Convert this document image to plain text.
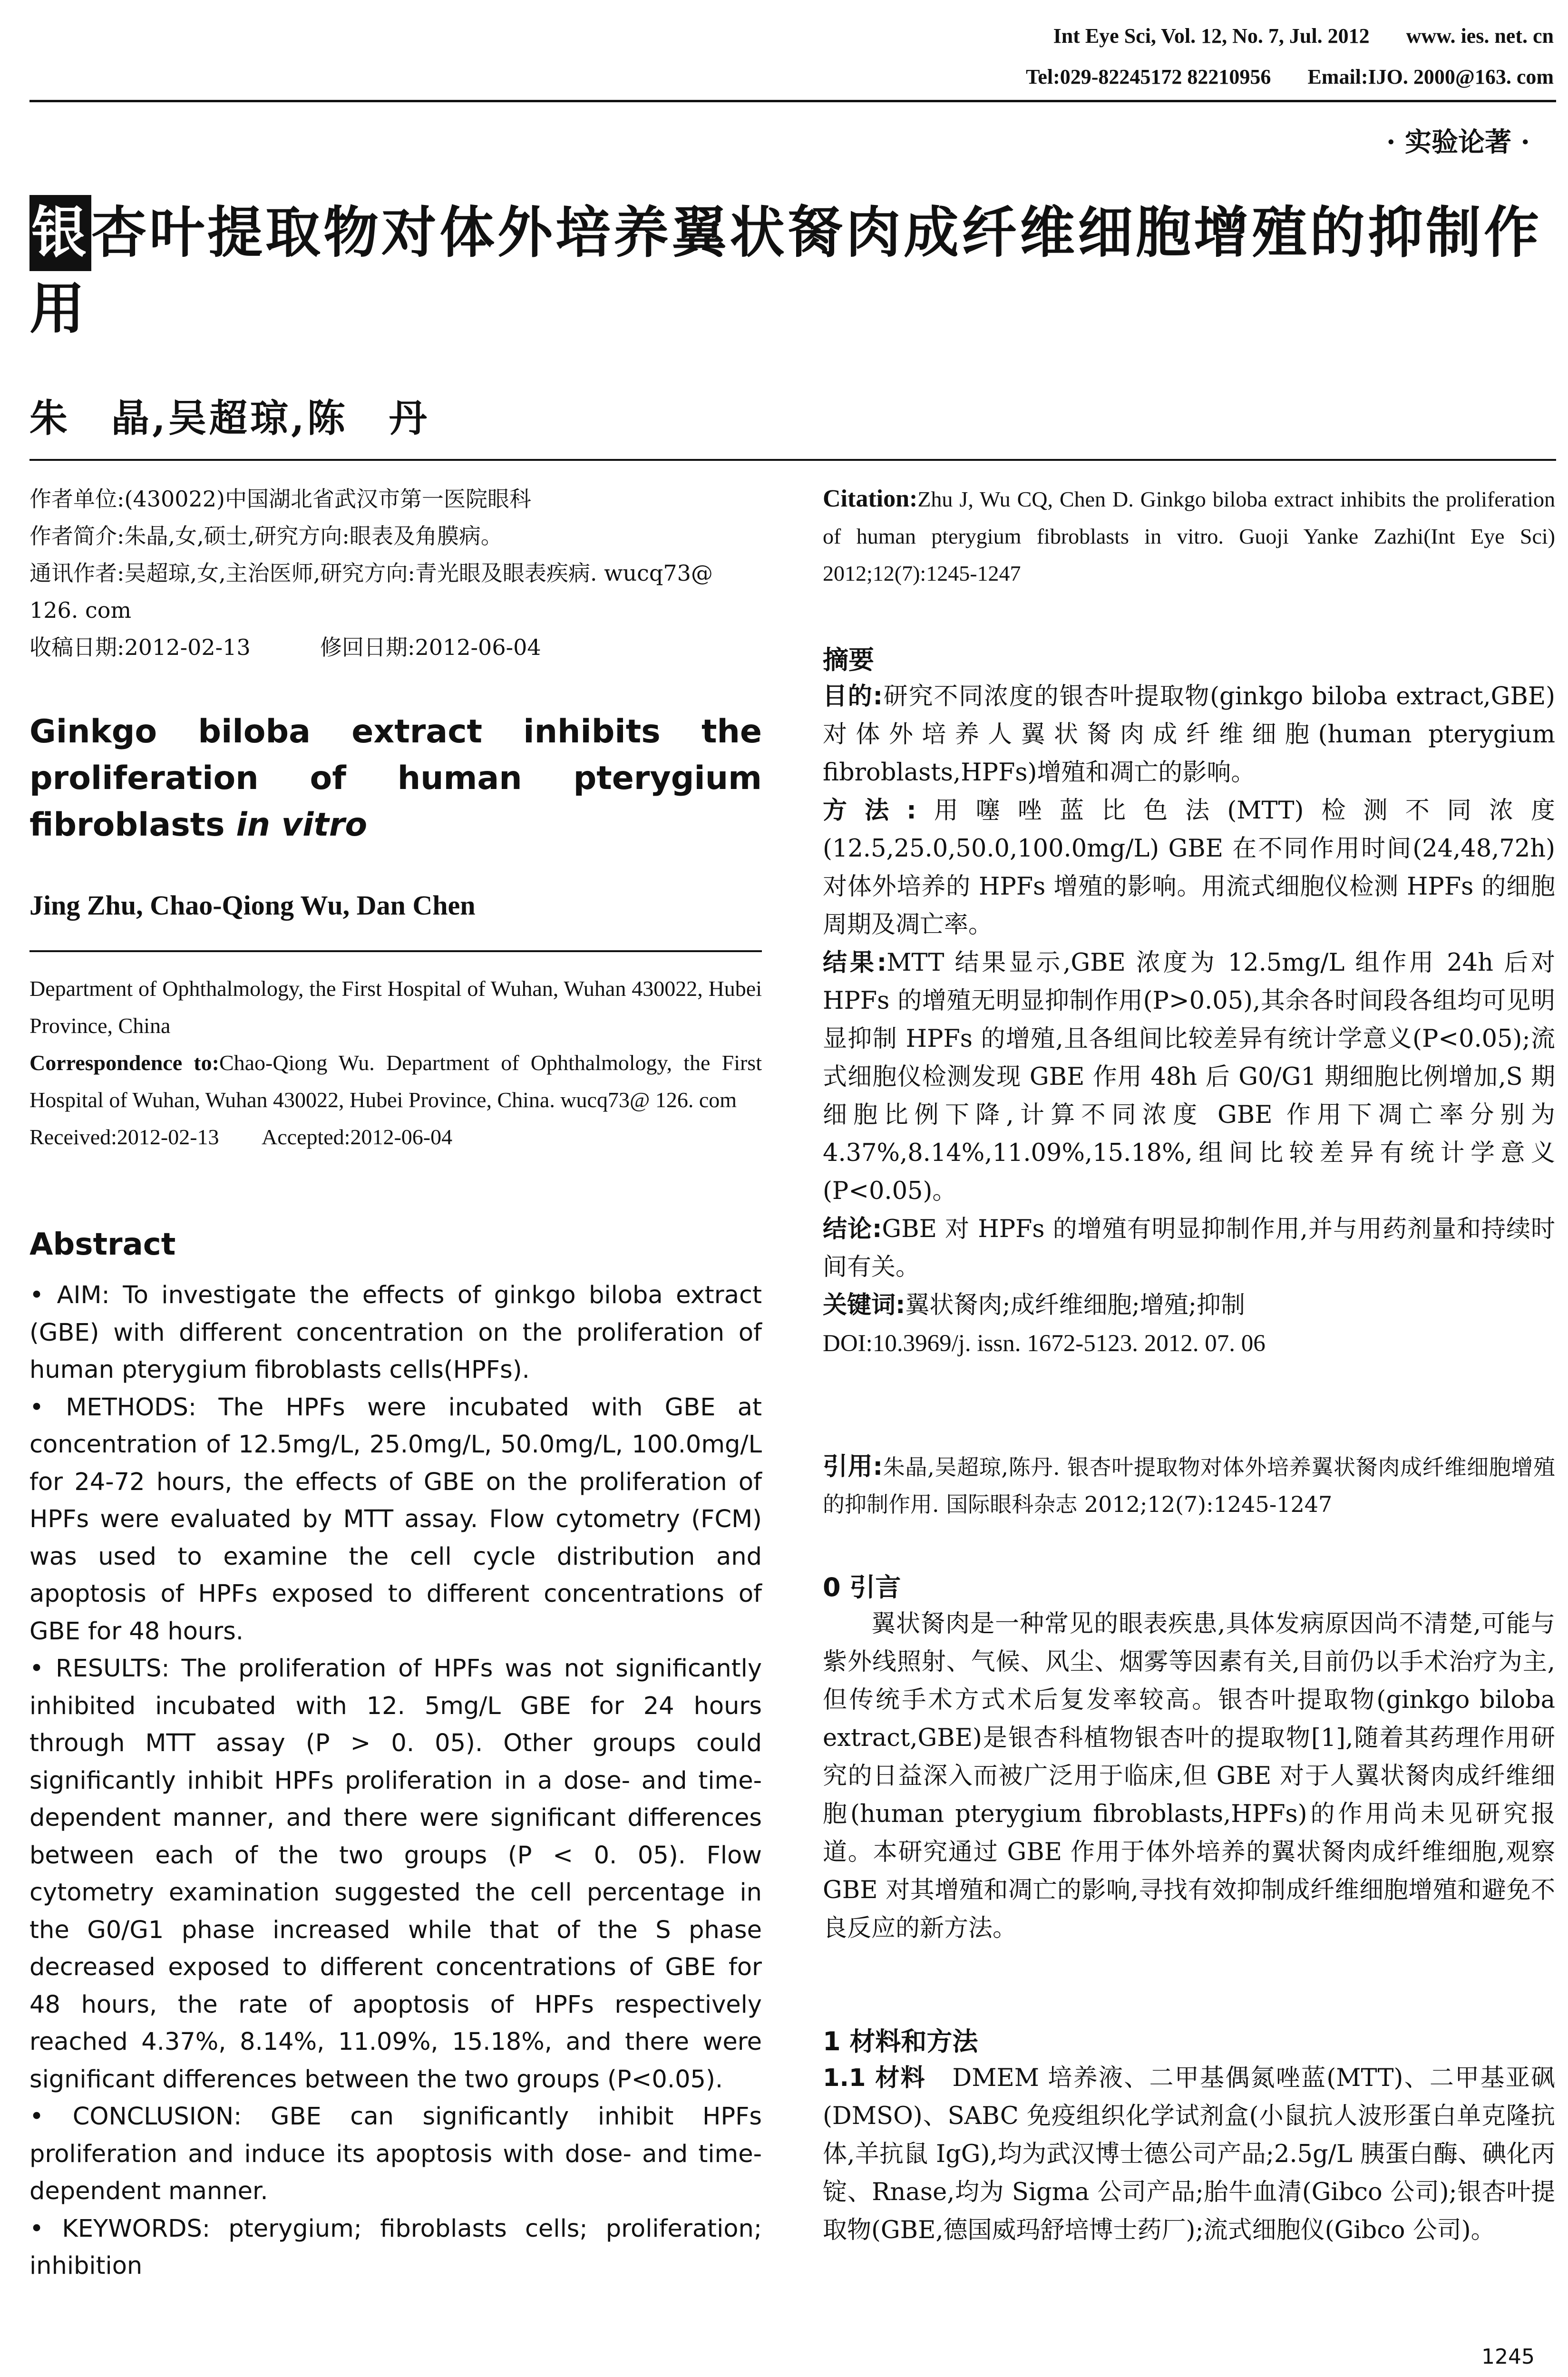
Int Eye Sci, Vol. 12, No. 7, Jul. 2012 www. ies. net. cn
Tel:029-82245172 82210956 Email:IJO. 2000@163. com
· 实验论著 ·
银杏叶提取物对体外培养翼状胬肉成纤维细胞增殖的抑制作用
朱　晶,吴超琼,陈　丹
作者单位:(430022)中国湖北省武汉市第一医院眼科
作者简介:朱晶,女,硕士,研究方向:眼表及角膜病。
通讯作者:吴超琼,女,主治医师,研究方向:青光眼及眼表疾病. wucq73@ 126. com
收稿日期:2012-02-13	修回日期:2012-06-04
Ginkgo biloba extract inhibits the proliferation of human pterygium fibroblasts in vitro
Jing Zhu, Chao-Qiong Wu, Dan Chen
Department of Ophthalmology, the First Hospital of Wuhan, Wuhan 430022, Hubei Province, China
Correspondence to:Chao-Qiong Wu. Department of Ophthalmology, the First Hospital of Wuhan, Wuhan 430022, Hubei Province, China. wucq73@ 126. com
Received:2012-02-13 Accepted:2012-06-04
Abstract

• AIM: To investigate the effects of ginkgo biloba extract (GBE) with different concentration on the proliferation of human pterygium fibroblasts cells(HPFs).

• METHODS: The HPFs were incubated with GBE at concentration of 12.5mg/L, 25.0mg/L, 50.0mg/L, 100.0mg/L for 24-72 hours, the effects of GBE on the proliferation of HPFs were evaluated by MTT assay. Flow cytometry (FCM) was used to examine the cell cycle distribution and apoptosis of HPFs exposed to different concentrations of GBE for 48 hours.

• RESULTS: The proliferation of HPFs was not significantly inhibited incubated with 12. 5mg/L GBE for 24 hours through MTT assay (P > 0. 05). Other groups could significantly inhibit HPFs proliferation in a dose- and time-dependent manner, and there were significant differences between each of the two groups (P < 0. 05). Flow cytometry examination suggested the cell percentage in the G0/G1 phase increased while that of the S phase decreased exposed to different concentrations of GBE for 48 hours, the rate of apoptosis of HPFs respectively reached 4.37%, 8.14%, 11.09%, 15.18%, and there were significant differences between the two groups (P<0.05).

• CONCLUSION: GBE can significantly inhibit HPFs proliferation and induce its apoptosis with dose- and time-dependent manner.

• KEYWORDS: pterygium; fibroblasts cells; proliferation; inhibition

Citation:Zhu J, Wu CQ, Chen D. Ginkgo biloba extract inhibits the proliferation of human pterygium fibroblasts in vitro. Guoji Yanke Zazhi(Int Eye Sci) 2012;12(7):1245-1247
摘要

目的:研究不同浓度的银杏叶提取物(ginkgo biloba extract,GBE)对体外培养人翼状胬肉成纤维细胞(human pterygium fibroblasts,HPFs)增殖和凋亡的影响。

方法:用噻唑蓝比色法(MTT)检测不同浓度(12.5,25.0,50.0,100.0mg/L) GBE 在不同作用时间(24,48,72h)对体外培养的 HPFs 增殖的影响。用流式细胞仪检测 HPFs 的细胞周期及凋亡率。

结果:MTT 结果显示,GBE 浓度为 12.5mg/L 组作用 24h 后对 HPFs 的增殖无明显抑制作用(P>0.05),其余各时间段各组均可见明显抑制 HPFs 的增殖,且各组间比较差异有统计学意义(P<0.05);流式细胞仪检测发现 GBE 作用 48h 后 G0/G1 期细胞比例增加,S 期细胞比例下降,计算不同浓度 GBE 作用下凋亡率分别为 4.37%,8.14%,11.09%,15.18%,组间比较差异有统计学意义(P<0.05)。

结论:GBE 对 HPFs 的增殖有明显抑制作用,并与用药剂量和持续时间有关。

关键词:翼状胬肉;成纤维细胞;增殖;抑制

DOI:10.3969/j. issn. 1672-5123. 2012. 07. 06

引用:朱晶,吴超琼,陈丹. 银杏叶提取物对体外培养翼状胬肉成纤维细胞增殖的抑制作用. 国际眼科杂志 2012;12(7):1245-1247
0 引言

翼状胬肉是一种常见的眼表疾患,具体发病原因尚不清楚,可能与紫外线照射、气候、风尘、烟雾等因素有关,目前仍以手术治疗为主,但传统手术方式术后复发率较高。银杏叶提取物(ginkgo biloba extract,GBE)是银杏科植物银杏叶的提取物[1],随着其药理作用研究的日益深入而被广泛用于临床,但 GBE 对于人翼状胬肉成纤维细胞(human pterygium fibroblasts,HPFs)的作用尚未见研究报道。本研究通过 GBE 作用于体外培养的翼状胬肉成纤维细胞,观察 GBE 对其增殖和凋亡的影响,寻找有效抑制成纤维细胞增殖和避免不良反应的新方法。

1 材料和方法

1.1 材料 DMEM 培养液、二甲基偶氮唑蓝(MTT)、二甲基亚砜(DMSO)、SABC 免疫组织化学试剂盒(小鼠抗人波形蛋白单克隆抗体,羊抗鼠 IgG),均为武汉博士德公司产品;2.5g/L 胰蛋白酶、碘化丙锭、Rnase,均为 Sigma 公司产品;胎牛血清(Gibco 公司);银杏叶提取物(GBE,德国威玛舒培博士药厂);流式细胞仪(Gibco 公司)。

1245
